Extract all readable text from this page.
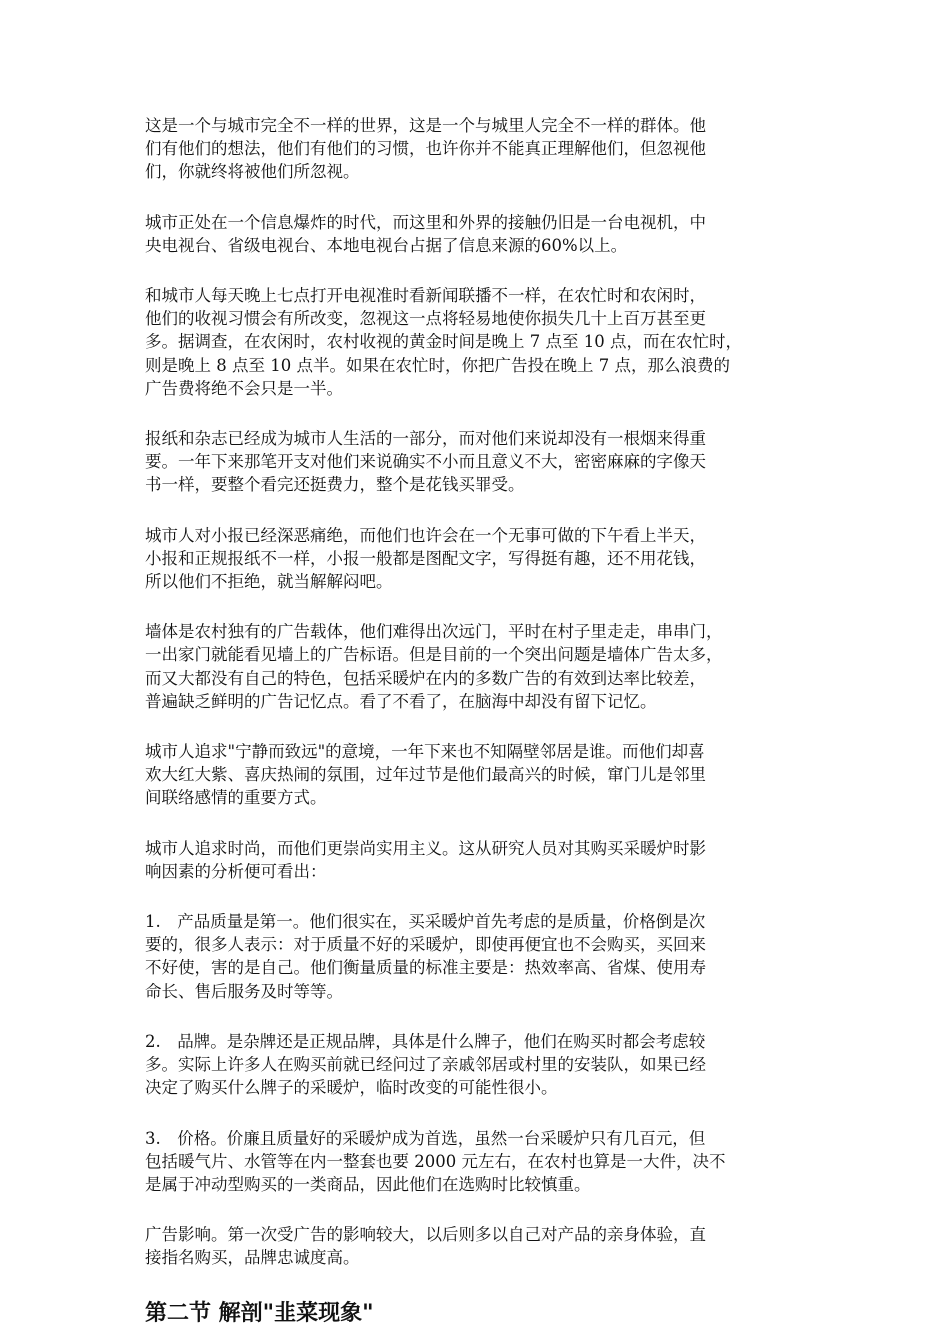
这是一个与城市完全不一样的世界，这是一个与城里人完全不一样的群体。他
们有他们的想法，他们有他们的习惯，也许你并不能真正理解他们，但忽视他
们，你就终将被他们所忽视。

城市正处在一个信息爆炸的时代，而这里和外界的接触仍旧是一台电视机，中
央电视台、省级电视台、本地电视台占据了信息来源的60%以上。

和城市人每天晚上七点打开电视准时看新闻联播不一样，在农忙时和农闲时，
他们的收视习惯会有所改变，忽视这一点将轻易地使你损失几十上百万甚至更
多。据调查，在农闲时，农村收视的黄金时间是晚上 7 点至 10 点，而在农忙时，
则是晚上 8 点至 10 点半。如果在农忙时，你把广告投在晚上 7 点，那么浪费的
广告费将绝不会只是一半。

报纸和杂志已经成为城市人生活的一部分，而对他们来说却没有一根烟来得重
要。一年下来那笔开支对他们来说确实不小而且意义不大，密密麻麻的字像天
书一样，要整个看完还挺费力，整个是花钱买罪受。

城市人对小报已经深恶痛绝，而他们也许会在一个无事可做的下午看上半天，
小报和正规报纸不一样，小报一般都是图配文字，写得挺有趣，还不用花钱，
所以他们不拒绝，就当解解闷吧。

墙体是农村独有的广告载体，他们难得出次远门，平时在村子里走走，串串门，
一出家门就能看见墙上的广告标语。但是目前的一个突出问题是墙体广告太多，
而又大都没有自己的特色，包括采暖炉在内的多数广告的有效到达率比较差，
普遍缺乏鲜明的广告记忆点。看了不看了，在脑海中却没有留下记忆。

城市人追求"宁静而致远"的意境，一年下来也不知隔壁邻居是谁。而他们却喜
欢大红大紫、喜庆热闹的氛围，过年过节是他们最高兴的时候，窜门儿是邻里
间联络感情的重要方式。

城市人追求时尚，而他们更崇尚实用主义。这从研究人员对其购买采暖炉时影
响因素的分析便可看出：

1.　产品质量是第一。他们很实在，买采暖炉首先考虑的是质量，价格倒是次
要的，很多人表示：对于质量不好的采暖炉，即使再便宜也不会购买，买回来
不好使，害的是自己。他们衡量质量的标准主要是：热效率高、省煤、使用寿
命长、售后服务及时等等。

2.　品牌。是杂牌还是正规品牌，具体是什么牌子，他们在购买时都会考虑较
多。实际上许多人在购买前就已经问过了亲戚邻居或村里的安装队，如果已经
决定了购买什么牌子的采暖炉，临时改变的可能性很小。

3.　价格。价廉且质量好的采暖炉成为首选，虽然一台采暖炉只有几百元，但
包括暖气片、水管等在内一整套也要 2000 元左右，在农村也算是一大件，决不
是属于冲动型购买的一类商品，因此他们在选购时比较慎重。

广告影响。第一次受广告的影响较大，以后则多以自己对产品的亲身体验，直
接指名购买，品牌忠诚度高。

第二节 解剖"韭菜现象"
